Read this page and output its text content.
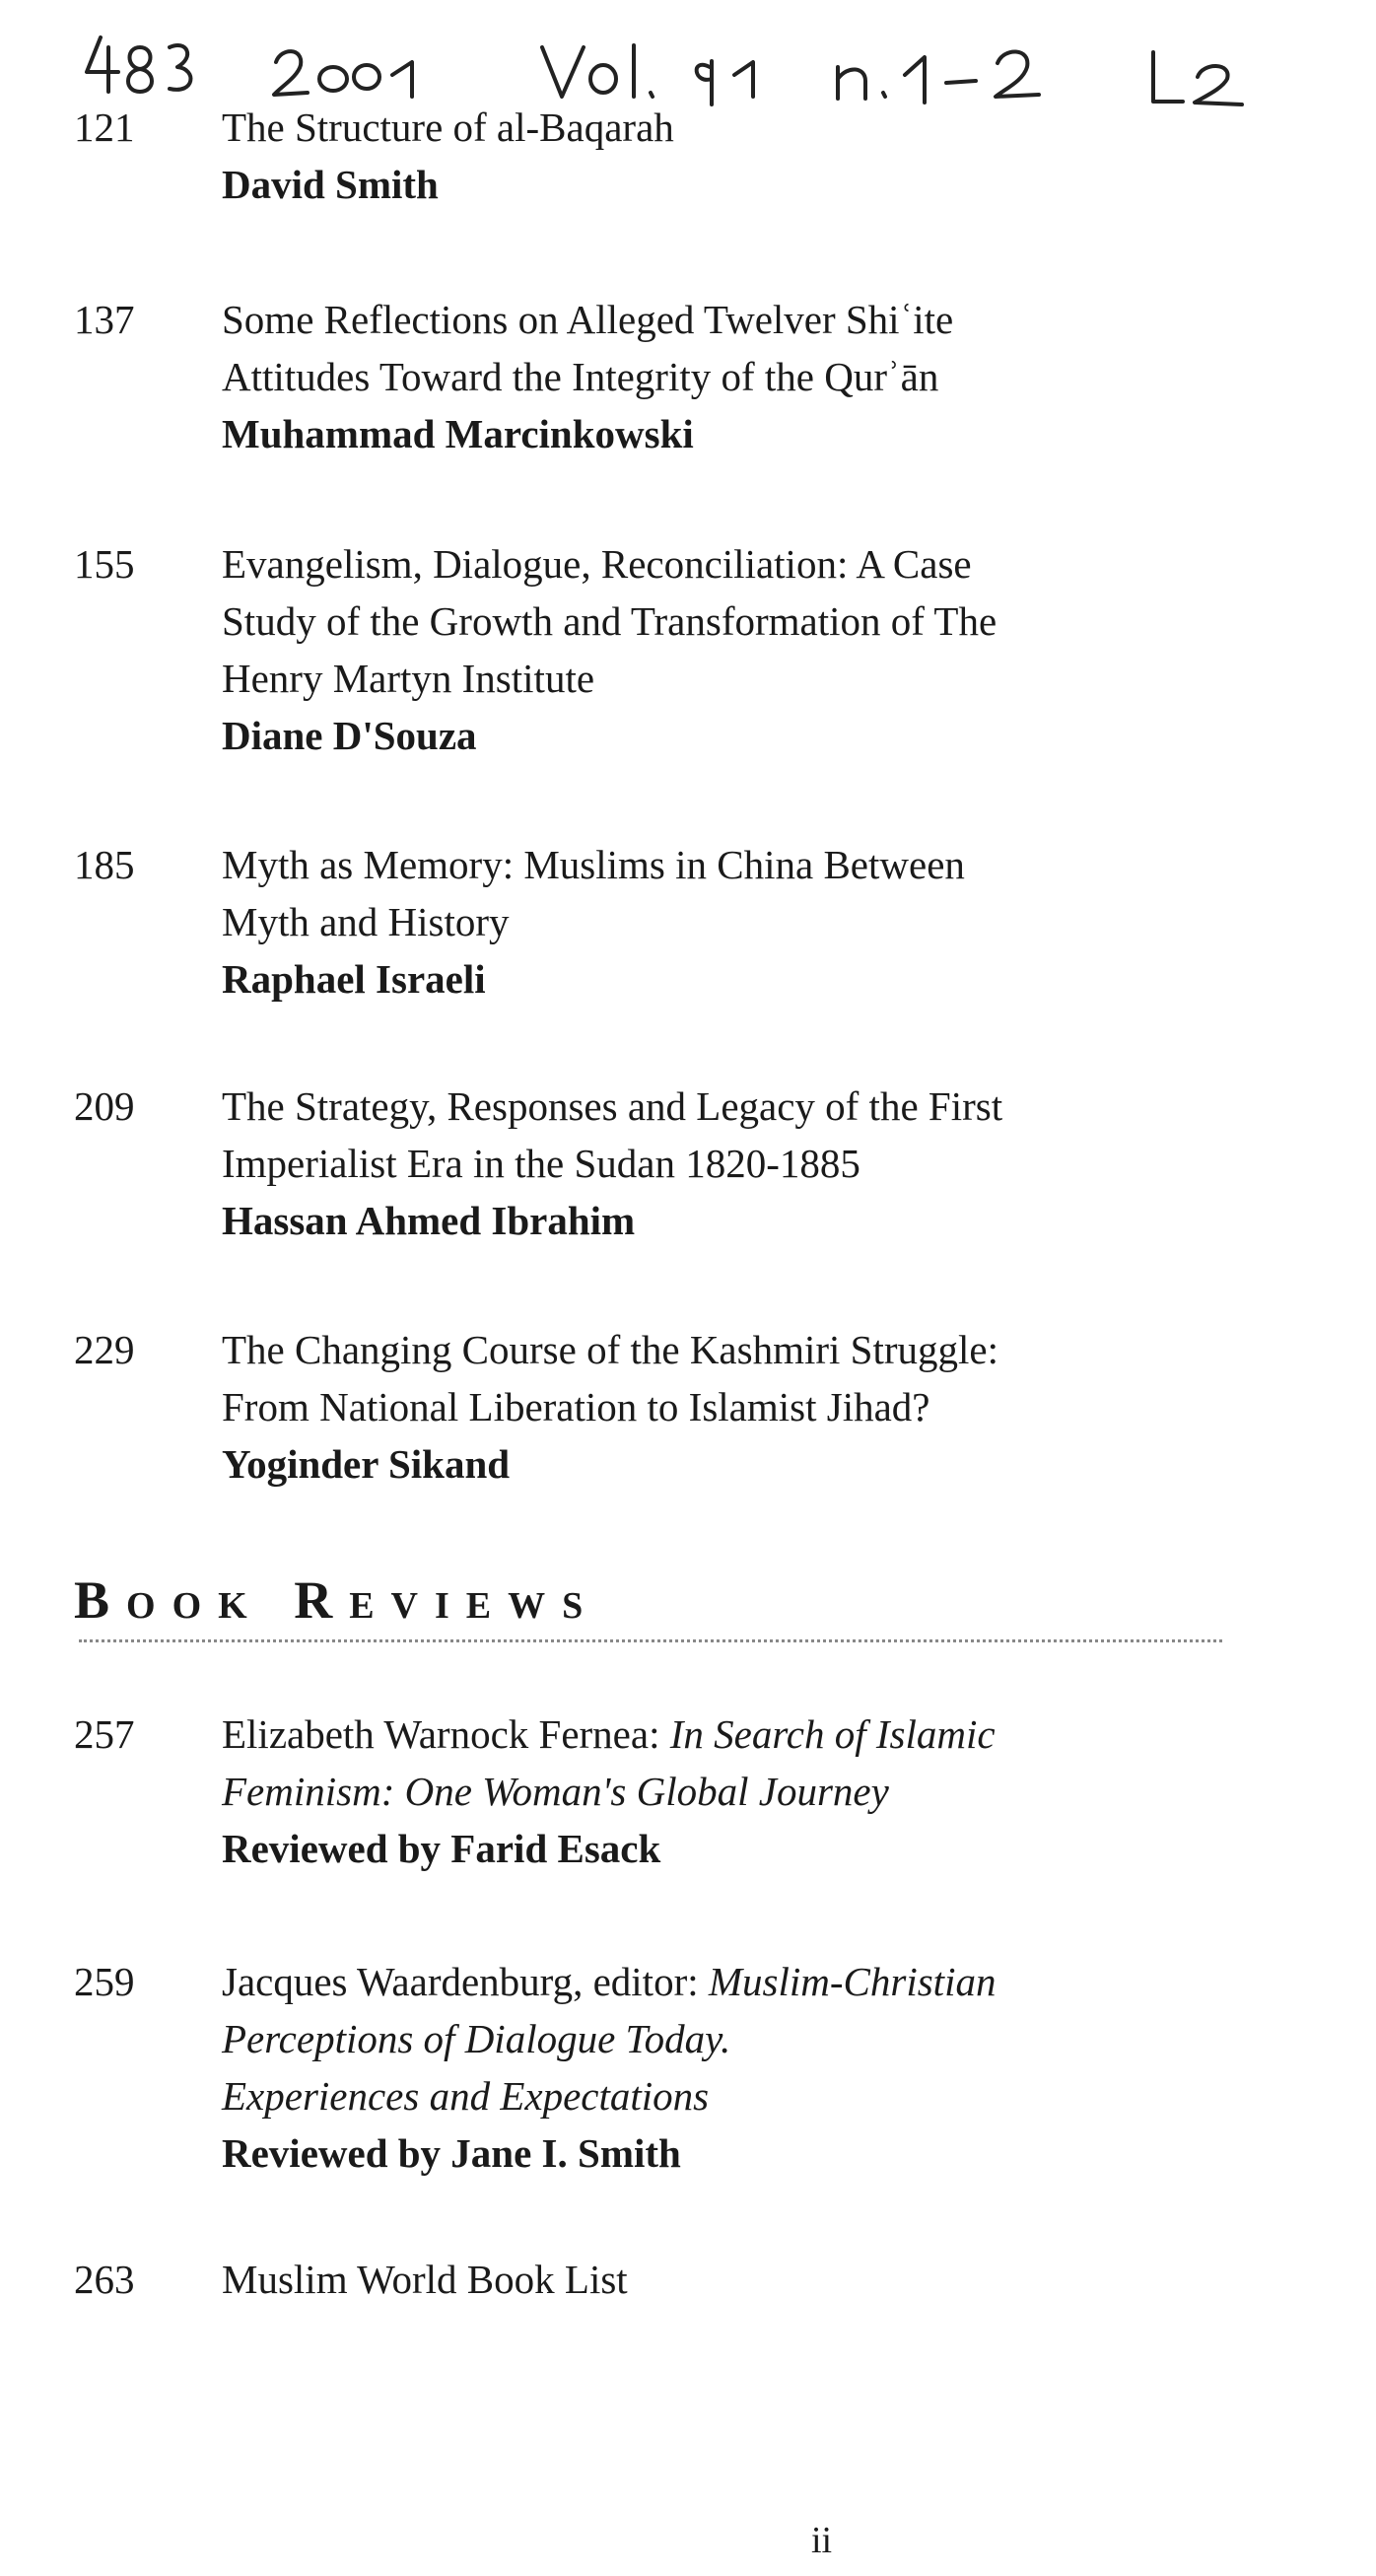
121 The Structure of al-Baqarah
David Smith
137 Some Reflections on Alleged Twelver Shiʿite
Attitudes Toward the Integrity of the Qurʾān
Muhammad Marcinkowski
155 Evangelism, Dialogue, Reconciliation: A Case
Study of the Growth and Transformation of The
Henry Martyn Institute
Diane D'Souza
185 Myth as Memory: Muslims in China Between
Myth and History
Raphael Israeli
209 The Strategy, Responses and Legacy of the First
Imperialist Era in the Sudan 1820-1885
Hassan Ahmed Ibrahim
229 The Changing Course of the Kashmiri Struggle:
From National Liberation to Islamist Jihad?
Yoginder Sikand
Book Reviews
257 Elizabeth Warnock Fernea: In Search of Islamic
Feminism: One Woman's Global Journey
Reviewed by Farid Esack
259 Jacques Waardenburg, editor: Muslim-Christian
Perceptions of Dialogue Today.
Experiences and Expectations
Reviewed by Jane I. Smith
263 Muslim World Book List
ii
